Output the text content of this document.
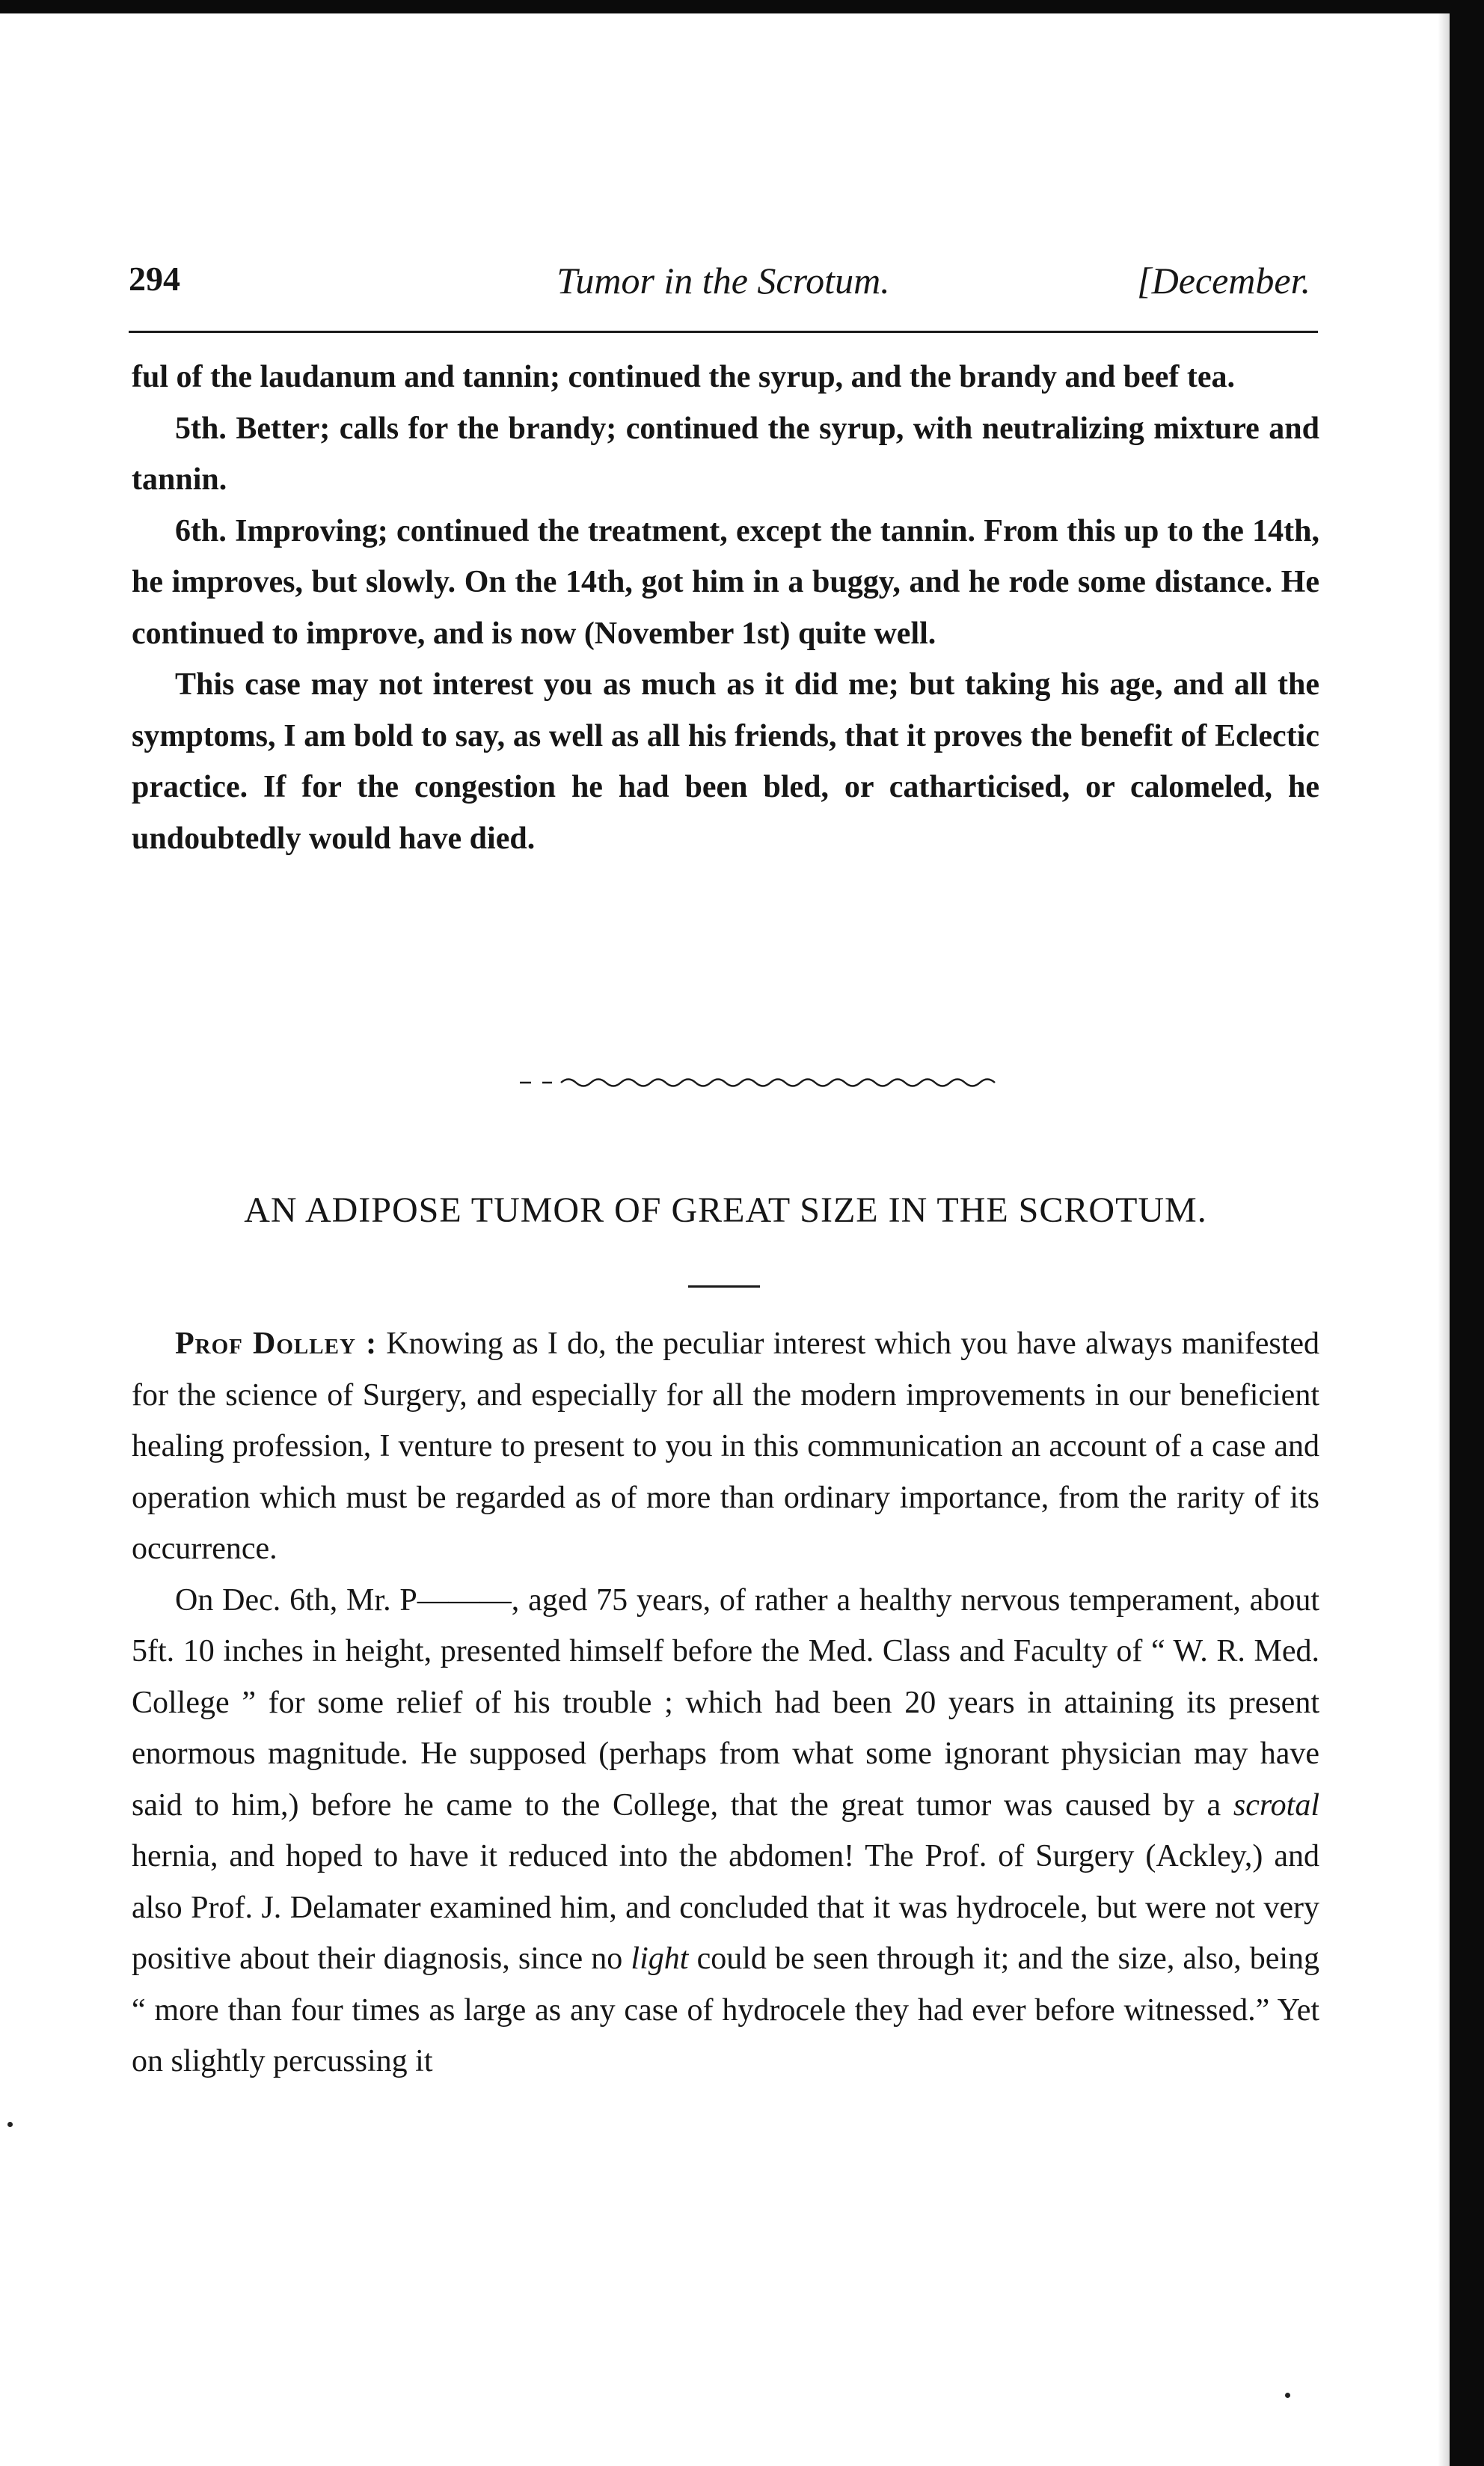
294	Tumor in the Scrotum.	[December.

ful of the laudanum and tannin; continued the syrup, and the brandy and beef tea.

5th. Better; calls for the brandy; continued the syrup, with neutralizing mixture and tannin.

6th. Improving; continued the treatment, except the tannin. From this up to the 14th, he improves, but slowly. On the 14th, got him in a buggy, and he rode some distance. He continued to improve, and is now (November 1st) quite well.

This case may not interest you as much as it did me; but taking his age, and all the symptoms, I am bold to say, as well as all his friends, that it proves the benefit of Eclectic practice. If for the congestion he had been bled, or catharticised, or calomeled, he undoubtedly would have died.

AN ADIPOSE TUMOR OF GREAT SIZE IN THE SCROTUM.

Prof Dolley : Knowing as I do, the peculiar interest which you have always manifested for the science of Surgery, and especially for all the modern improvements in our beneficient healing profession, I venture to present to you in this communication an account of a case and operation which must be regarded as of more than ordinary importance, from the rarity of its occurrence.

On Dec. 6th, Mr. P———, aged 75 years, of rather a healthy nervous temperament, about 5ft. 10 inches in height, presented himself before the Med. Class and Faculty of “ W. R. Med. College ” for some relief of his trouble ; which had been 20 years in attaining its present enormous magnitude. He supposed (perhaps from what some ignorant physician may have said to him,) before he came to the College, that the great tumor was caused by a scrotal hernia, and hoped to have it reduced into the abdomen! The Prof. of Surgery (Ackley,) and also Prof. J. Delamater examined him, and concluded that it was hydrocele, but were not very positive about their diagnosis, since no light could be seen through it; and the size, also, being “ more than four times as large as any case of hydrocele they had ever before witnessed.” Yet on slightly percussing it
